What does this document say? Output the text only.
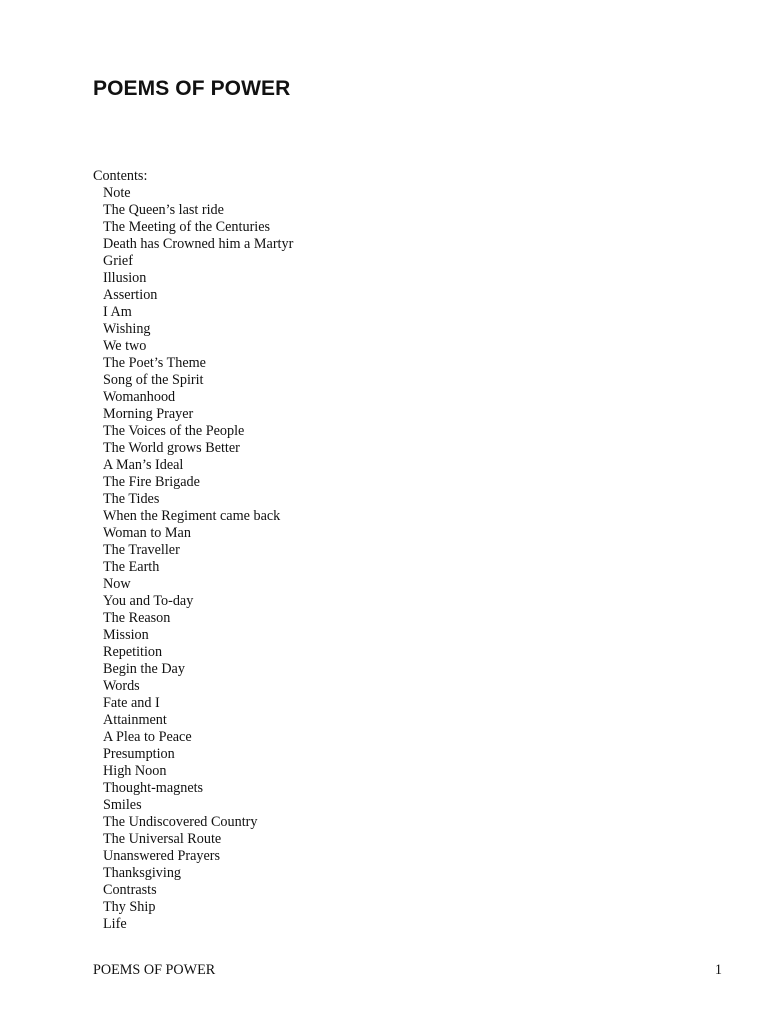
POEMS OF POWER

Contents:

Note
The Queen’s last ride
The Meeting of the Centuries
Death has Crowned him a Martyr
Grief
Illusion
Assertion
I Am
Wishing
We two
The Poet’s Theme
Song of the Spirit
Womanhood
Morning Prayer
The Voices of the People
The World grows Better
A Man’s Ideal
The Fire Brigade
The Tides
When the Regiment came back
Woman to Man
The Traveller
The Earth
Now
You and To-day
The Reason
Mission
Repetition
Begin the Day
Words
Fate and I
Attainment
A Plea to Peace
Presumption
High Noon
Thought-magnets
Smiles
The Undiscovered Country
The Universal Route
Unanswered Prayers
Thanksgiving
Contrasts
Thy Ship
Life
POEMS OF POWER	1
